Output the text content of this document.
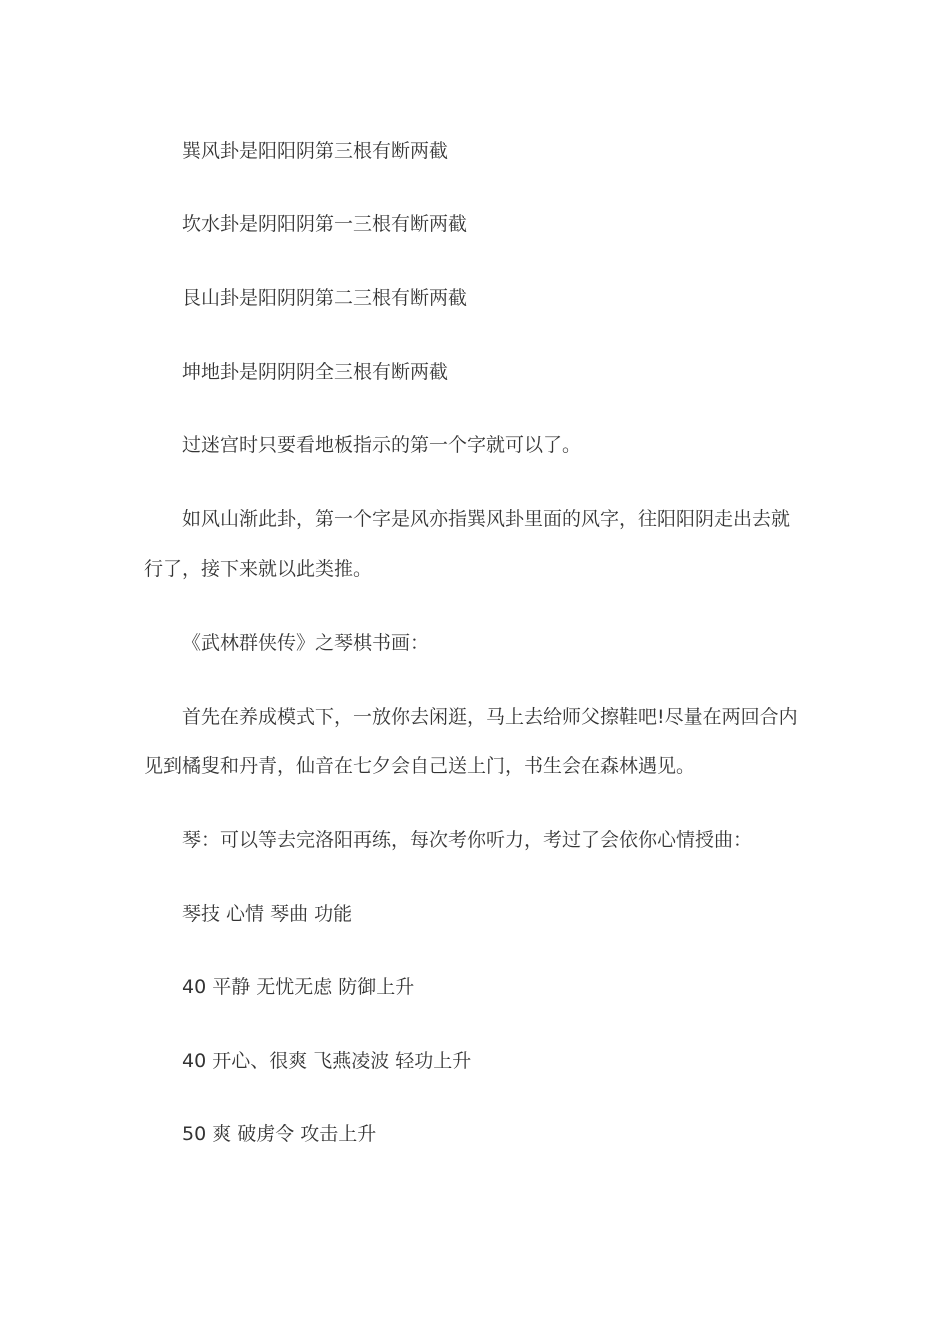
巽风卦是阳阳阴第三根有断两截
坎水卦是阴阳阴第一三根有断两截
艮山卦是阳阴阴第二三根有断两截
坤地卦是阴阴阴全三根有断两截
过迷宫时只要看地板指示的第一个字就可以了。
如风山渐此卦，第一个字是风亦指巽风卦里面的风字，往阳阳阴走出去就
行了，接下来就以此类推。
《武林群侠传》之琴棋书画：
首先在养成模式下，一放你去闲逛，马上去给师父擦鞋吧!尽量在两回合内
见到橘叟和丹青，仙音在七夕会自己送上门，书生会在森林遇见。
琴：可以等去完洛阳再练，每次考你听力，考过了会依你心情授曲：
琴技 心情 琴曲 功能
40 平静 无忧无虑 防御上升
40 开心、很爽 飞燕凌波 轻功上升
50 爽 破虏令 攻击上升
